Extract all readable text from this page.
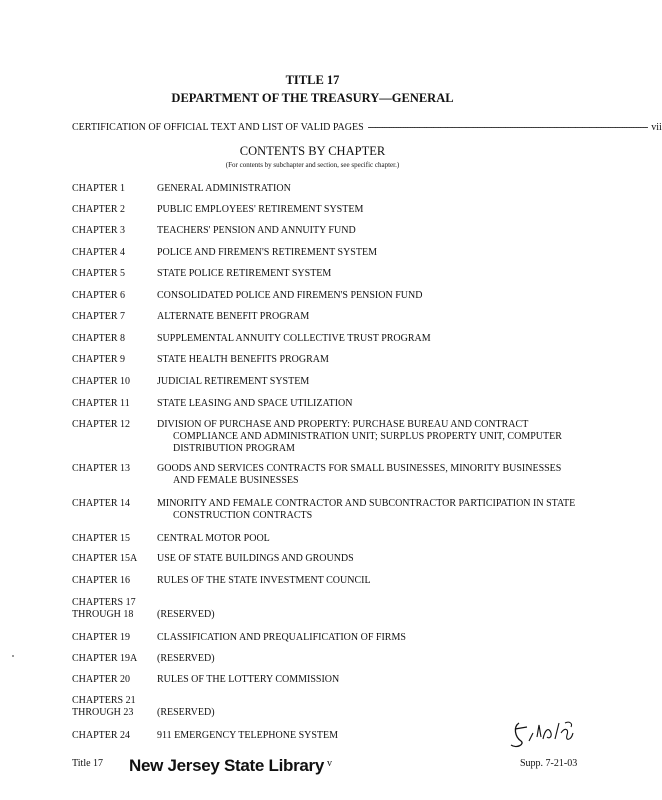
TITLE 17
DEPARTMENT OF THE TREASURY—GENERAL
CERTIFICATION OF OFFICIAL TEXT AND LIST OF VALID PAGES ------------------------------------------------------------------------------------------------------------------------ vii
CONTENTS BY CHAPTER
(For contents by subchapter and section, see specific chapter.)
CHAPTER 1	GENERAL ADMINISTRATION
CHAPTER 2	PUBLIC EMPLOYEES' RETIREMENT SYSTEM
CHAPTER 3	TEACHERS' PENSION AND ANNUITY FUND
CHAPTER 4	POLICE AND FIREMEN'S RETIREMENT SYSTEM
CHAPTER 5	STATE POLICE RETIREMENT SYSTEM
CHAPTER 6	CONSOLIDATED POLICE AND FIREMEN'S PENSION FUND
CHAPTER 7	ALTERNATE BENEFIT PROGRAM
CHAPTER 8	SUPPLEMENTAL ANNUITY COLLECTIVE TRUST PROGRAM
CHAPTER 9	STATE HEALTH BENEFITS PROGRAM
CHAPTER 10	JUDICIAL RETIREMENT SYSTEM
CHAPTER 11	STATE LEASING AND SPACE UTILIZATION
CHAPTER 12	DIVISION OF PURCHASE AND PROPERTY: PURCHASE BUREAU AND CONTRACT
COMPLIANCE AND ADMINISTRATION UNIT; SURPLUS PROPERTY UNIT, COMPUTER
DISTRIBUTION PROGRAM
CHAPTER 13	GOODS AND SERVICES CONTRACTS FOR SMALL BUSINESSES, MINORITY BUSINESSES
AND FEMALE BUSINESSES
CHAPTER 14	MINORITY AND FEMALE CONTRACTOR AND SUBCONTRACTOR PARTICIPATION IN STATE
CONSTRUCTION CONTRACTS
CHAPTER 15	CENTRAL MOTOR POOL
CHAPTER 15A	USE OF STATE BUILDINGS AND GROUNDS
CHAPTER 16	RULES OF THE STATE INVESTMENT COUNCIL
CHAPTERS 17
THROUGH 18	(RESERVED)
CHAPTER 19	CLASSIFICATION AND PREQUALIFICATION OF FIRMS
CHAPTER 19A	(RESERVED)
CHAPTER 20	RULES OF THE LOTTERY COMMISSION
CHAPTERS 21
THROUGH 23	(RESERVED)
CHAPTER 24	911 EMERGENCY TELEPHONE SYSTEM
Title 17 New Jersey State Library v	Supp. 7-21-03
